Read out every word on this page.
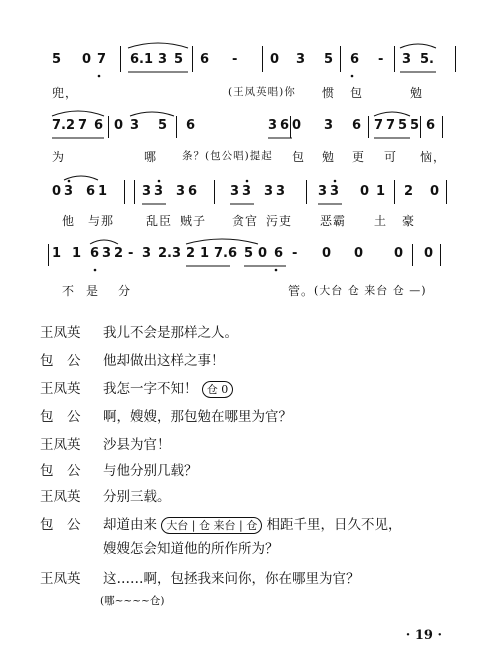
5 0 7 6.1 3 5 6 -	0 3 5 6 - 3 5.
兜，	(王凤英唱)你 惯 包	勉
7.2 7 6 0 3 5 6	3 6 0 3 6 7 7 5 5 6
为	哪 条？(包公唱)提起 包 勉 更 可 恼，
0 3 6 1	3 3 3 6	3 3 3 3	3 3 0 1 2 0
他 与那	乱臣 贼子 贪官 污吏 恶霸 土 豪
1 1 6 3 2 - 3 2.3 2 1 7.6 5 0 6 - 0 0 0 0
不 是 分	管。 (大台 仓 来台 仓 —)
王凤英	我儿不会是那样之人。
包　公	他却做出这样之事！
王凤英	我怎一字不知！ 仓 0
包　公	啊，嫂嫂，那包勉在哪里为官？
王凤英	沙县为官！
包　公	与他分别几载？
王凤英	分别三载。
包　公	却道由来 大台 | 仓 来台 | 仓 相距千里，日久不见，
嫂嫂怎会知道他的所作所为？
王凤英	这……啊，包拯我来问你，你在哪里为官？
(哪~~~~仓)
· 19 ·
